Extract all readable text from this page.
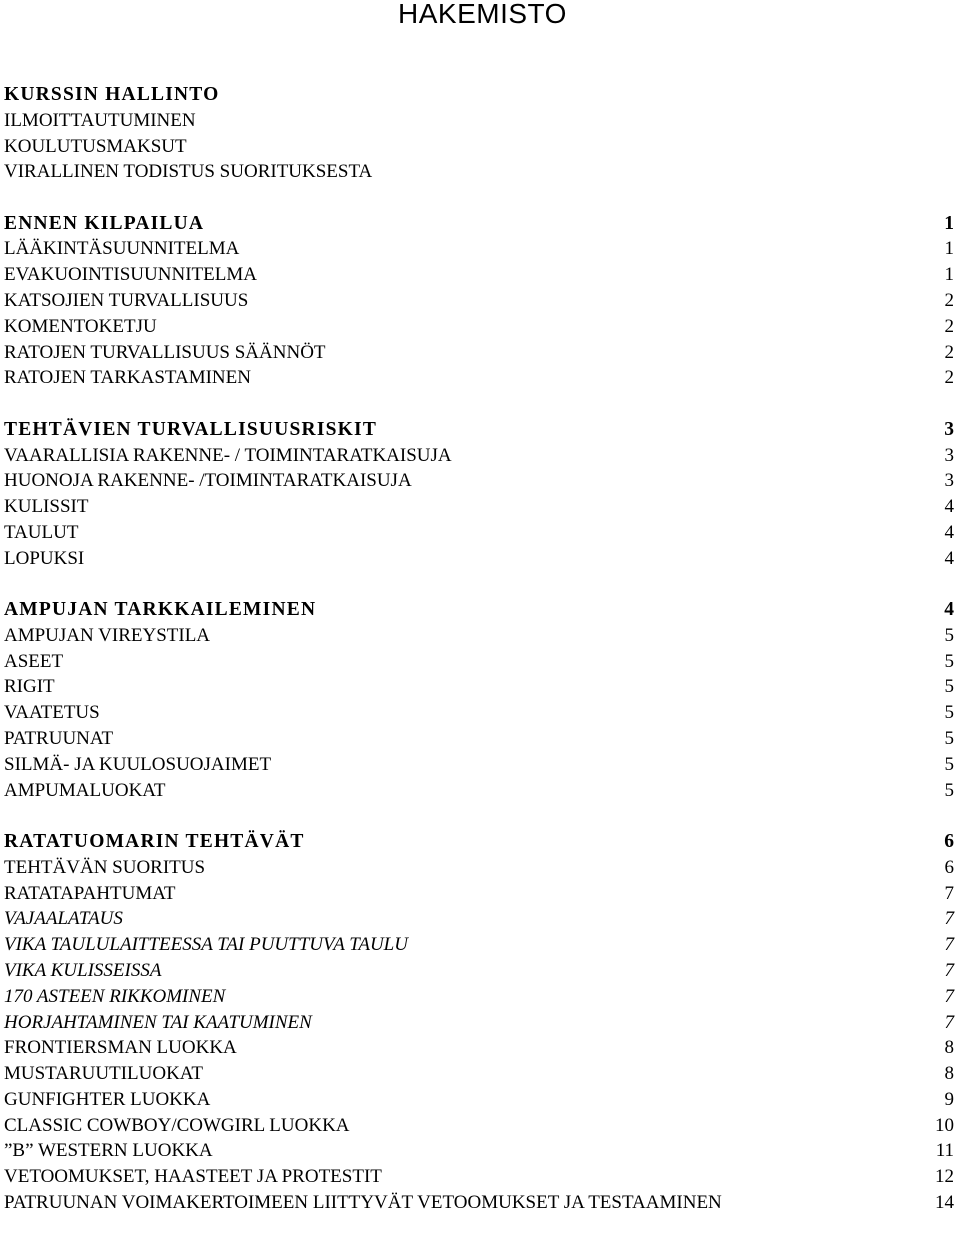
HAKEMISTO
KURSSIN HALLINTO
ILMOITTAUTUMINEN
KOULUTUSMAKSUT
VIRALLINEN TODISTUS SUORITUKSESTA
ENNEN KILPAILUA	1
LÄÄKINTÄSUUNNITELMA	1
EVAKUOINTISUUNNITELMA	1
KATSOJIEN TURVALLISUUS	2
KOMENTOKETJU	2
RATOJEN TURVALLISUUS SÄÄNNÖT	2
RATOJEN TARKASTAMINEN	2
TEHTÄVIEN TURVALLISUUSRISKIT	3
VAARALLISIA RAKENNE- / TOIMINTARATKAISUJA	3
HUONOJA RAKENNE- /TOIMINTARATKAISUJA	3
KULISSIT	4
TAULUT	4
LOPUKSI	4
AMPUJAN TARKKAILEMINEN	4
AMPUJAN VIREYSTILA	5
ASEET	5
RIGIT	5
VAATETUS	5
PATRUUNAT	5
SILMÄ- JA KUULOSUOJAIMET	5
AMPUMALUOKAT	5
RATATUOMARIN TEHTÄVÄT	6
TEHTÄVÄN SUORITUS	6
RATATAPAHTUMAT	7
VAJAALATAUS	7
VIKA TAULULAITTEESSA TAI PUUTTUVA TAULU	7
VIKA KULISSEISSA	7
170 ASTEEN RIKKOMINEN	7
HORJAHTAMINEN TAI KAATUMINEN	7
FRONTIERSMAN LUOKKA	8
MUSTARUUTILUOKAT	8
GUNFIGHTER LUOKKA	9
CLASSIC COWBOY/COWGIRL LUOKKA	10
”B” WESTERN LUOKKA	11
VETOOMUKSET, HAASTEET JA PROTESTIT	12
PATRUUNAN VOIMAKERTOIMEEN LIITTYVÄT VETOOMUKSET JA TESTAAMINEN	14
